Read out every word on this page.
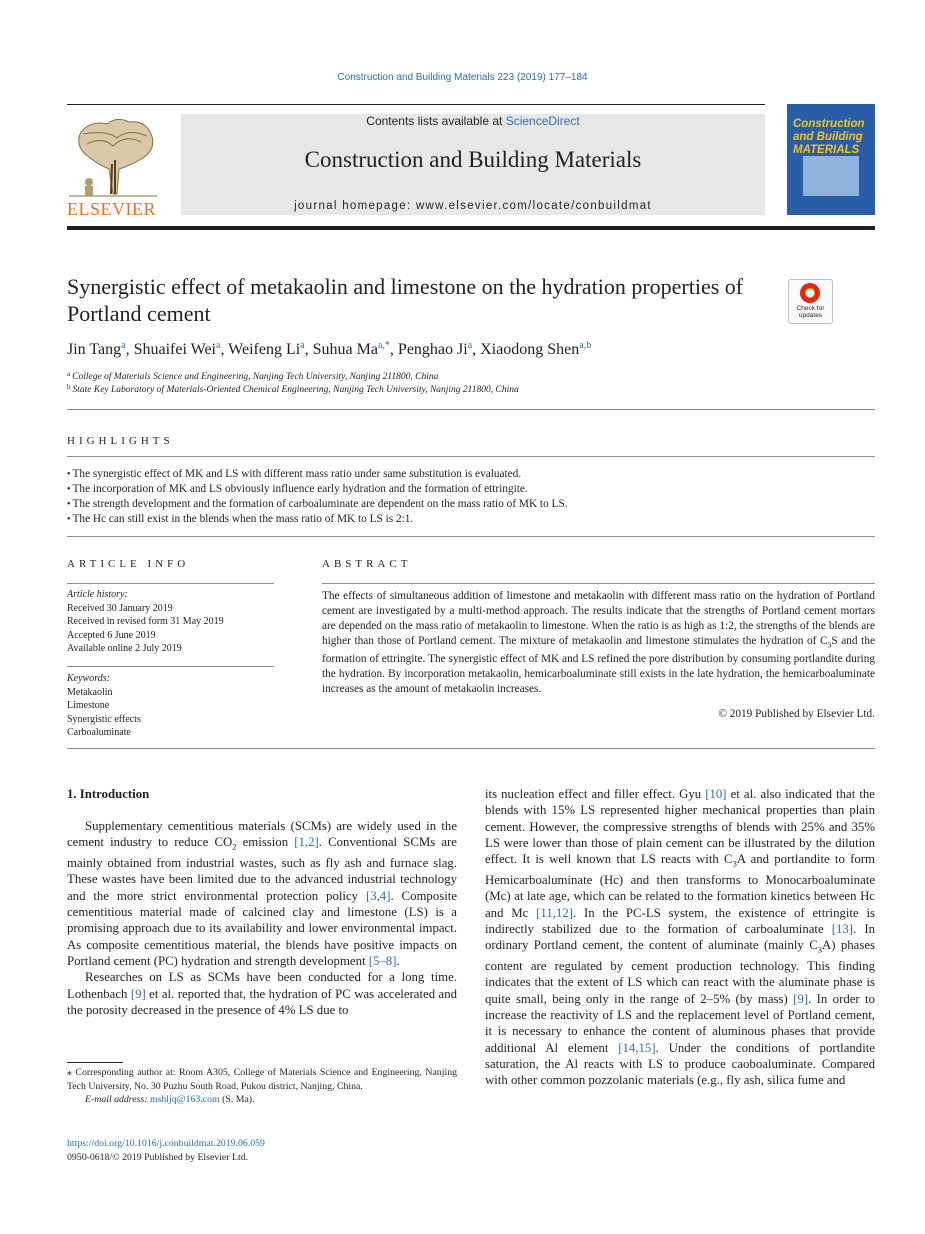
Construction and Building Materials 223 (2019) 177–184
ELSEVIER
Contents lists available at ScienceDirect
Construction and Building Materials
journal homepage: www.elsevier.com/locate/conbuildmat
Construction and Building MATERIALS
Synergistic effect of metakaolin and limestone on the hydration properties of Portland cement	Check for updates
Jin Tang$^a$, Shuaifei Wei$^a$, Weifeng Li$^a$, Suhua $Ma^{a,*}$, Penghao Ji$^a$, Xiaodong Shen$^{a,b}$
$^a$ College of Materials Science and Engineering, Nanjing Tech University, Nanjing 211800, China
$^b$ State Key Laboratory of Materials-Oriented Chemical Engineering, Nanjing Tech University, Nanjing 211800, China
HIGHLIGHTS
• The synergistic effect of MK and LS with different mass ratio under same substitution is evaluated.
• The incorporation of MK and LS obviously influence early hydration and the formation of ettringite.
• The strength development and the formation of carboaluminate are dependent on the mass ratio of MK to LS.
• The Hc can still exist in the blends when the mass ratio of MK to LS is 2:1.
ARTICLE INFO
Article history:
Received 30 January 2019
Received in revised form 31 May 2019
Accepted 6 June 2019
Available online 2 July 2019
Keywords:
Metakaolin
Limestone
Synergistic effects
Carboaluminate
ABSTRACT
The effects of simultaneous addition of limestone and metakaolin with different mass ratio on the hydration of Portland cement are investigated by a multi-method approach. The results indicate that the strengths of Portland cement mortars are depended on the mass ratio of metakaolin to limestone. When the ratio is as high as 1:2, the strengths of the blends are higher than those of Portland cement. The mixture of metakaolin and limestone stimulates the hydration of $C_3S$ and the formation of ettringite. The synergistic effect of MK and LS refined the pore distribution by consuming portlandite during the hydration. By incorporation metakaolin, hemicarboaluminate still exists in the late hydration, the hemicarboaluminate increases as the amount of metakaolin increases.
© 2019 Published by Elsevier Ltd.
1. Introduction

Supplementary cementitious materials (SCMs) are widely used in the cement industry to reduce $CO_2$ emission [1,2]. Conventional SCMs are mainly obtained from industrial wastes, such as fly ash and furnace slag. These wastes have been limited due to the advanced industrial technology and the more strict environmental protection policy [3,4]. Composite cementitious material made of calcined clay and limestone (LS) is a promising approach due to its availability and lower environmental impact. As composite cementitious material, the blends have positive impacts on Portland cement (PC) hydration and strength development [5–8].

Researches on LS as SCMs have been conducted for a long time. Lothenbach [9] et al. reported that, the hydration of PC was accelerated and the porosity decreased in the presence of 4% LS due to

its nucleation effect and filler effect. Gyu [10] et al. also indicated that the blends with 15% LS represented higher mechanical properties than plain cement. However, the compressive strengths of blends with 25% and 35% LS were lower than those of plain cement can be illustrated by the dilution effect. It is well known that LS reacts with $C_3A$ and portlandite to form Hemicarboaluminate (Hc) and then transforms to Monocarboaluminate (Mc) at late age, which can be related to the formation kinetics between Hc and Mc [11,12]. In the PC-LS system, the existence of ettringite is indirectly stabilized due to the formation of carboaluminate [13]. In ordinary Portland cement, the content of aluminate (mainly $C_3A$) phases content are regulated by cement production technology. This finding indicates that the extent of LS which can react with the aluminate phase is quite small, being only in the range of 2–5% (by mass) [9]. In order to increase the reactivity of LS and the replacement level of Portland cement, it is necessary to enhance the content of aluminous phases that provide additional Al element [14,15]. Under the conditions of portlandite saturation, the Al reacts with LS to produce caoboaluminate. Compared with other common pozzolanic materials (e.g., fly ash, silica fume and

⁎ Corresponding author at: Room A305, College of Materials Science and Engineering, Nanjing Tech University, No. 30 Puzhu South Road, Pukou district, Nanjing, China.
E-mail address: mshljq@163.com (S. Ma).
https://doi.org/10.1016/j.conbuildmat.2019.06.059
0950-0618/© 2019 Published by Elsevier Ltd.
